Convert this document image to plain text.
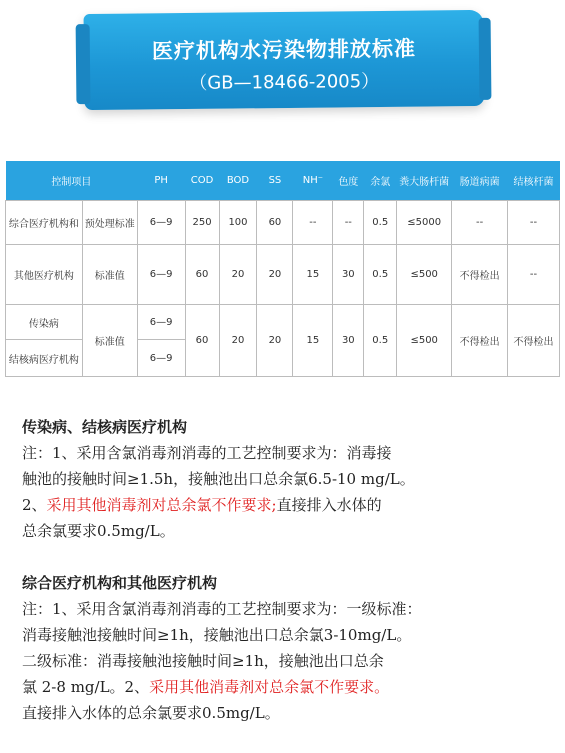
医疗机构水污染物排放标准
（GB—18466-2005）
控制项目		PH	COD	BOD	SS	NH⁻	色度	余氯	粪大肠杆菌	肠道病菌	结核杆菌
综合医疗机构和	预处理标准	6—9	250	100	60	--	--	0.5	≤5000	--	--
其他医疗机构	标准值	6—9	60	20	20	15	30	0.5	≤500	不得检出	--
传染病	标准值	6—9	60	20	20	15	30	0.5	≤500	不得检出	不得检出
结核病医疗机构		6—9									

传染病、结核病医疗机构

注：1、采用含氯消毒剂消毒的工艺控制要求为：消毒接

触池的接触时间≥1.5h，接触池出口总余氯6.5-10 mg/L。

2、采用其他消毒剂对总余氯不作要求;直接排入水体的

总余氯要求0.5mg/L。

综合医疗机构和其他医疗机构

注：1、采用含氯消毒剂消毒的工艺控制要求为：一级标准：

消毒接触池接触时间≥1h，接触池出口总余氯3-10mg/L。

二级标准：消毒接触池接触时间≥1h，接触池出口总余

氯 2-8 mg/L。2、采用其他消毒剂对总余氯不作要求。

直接排入水体的总余氯要求0.5mg/L。
